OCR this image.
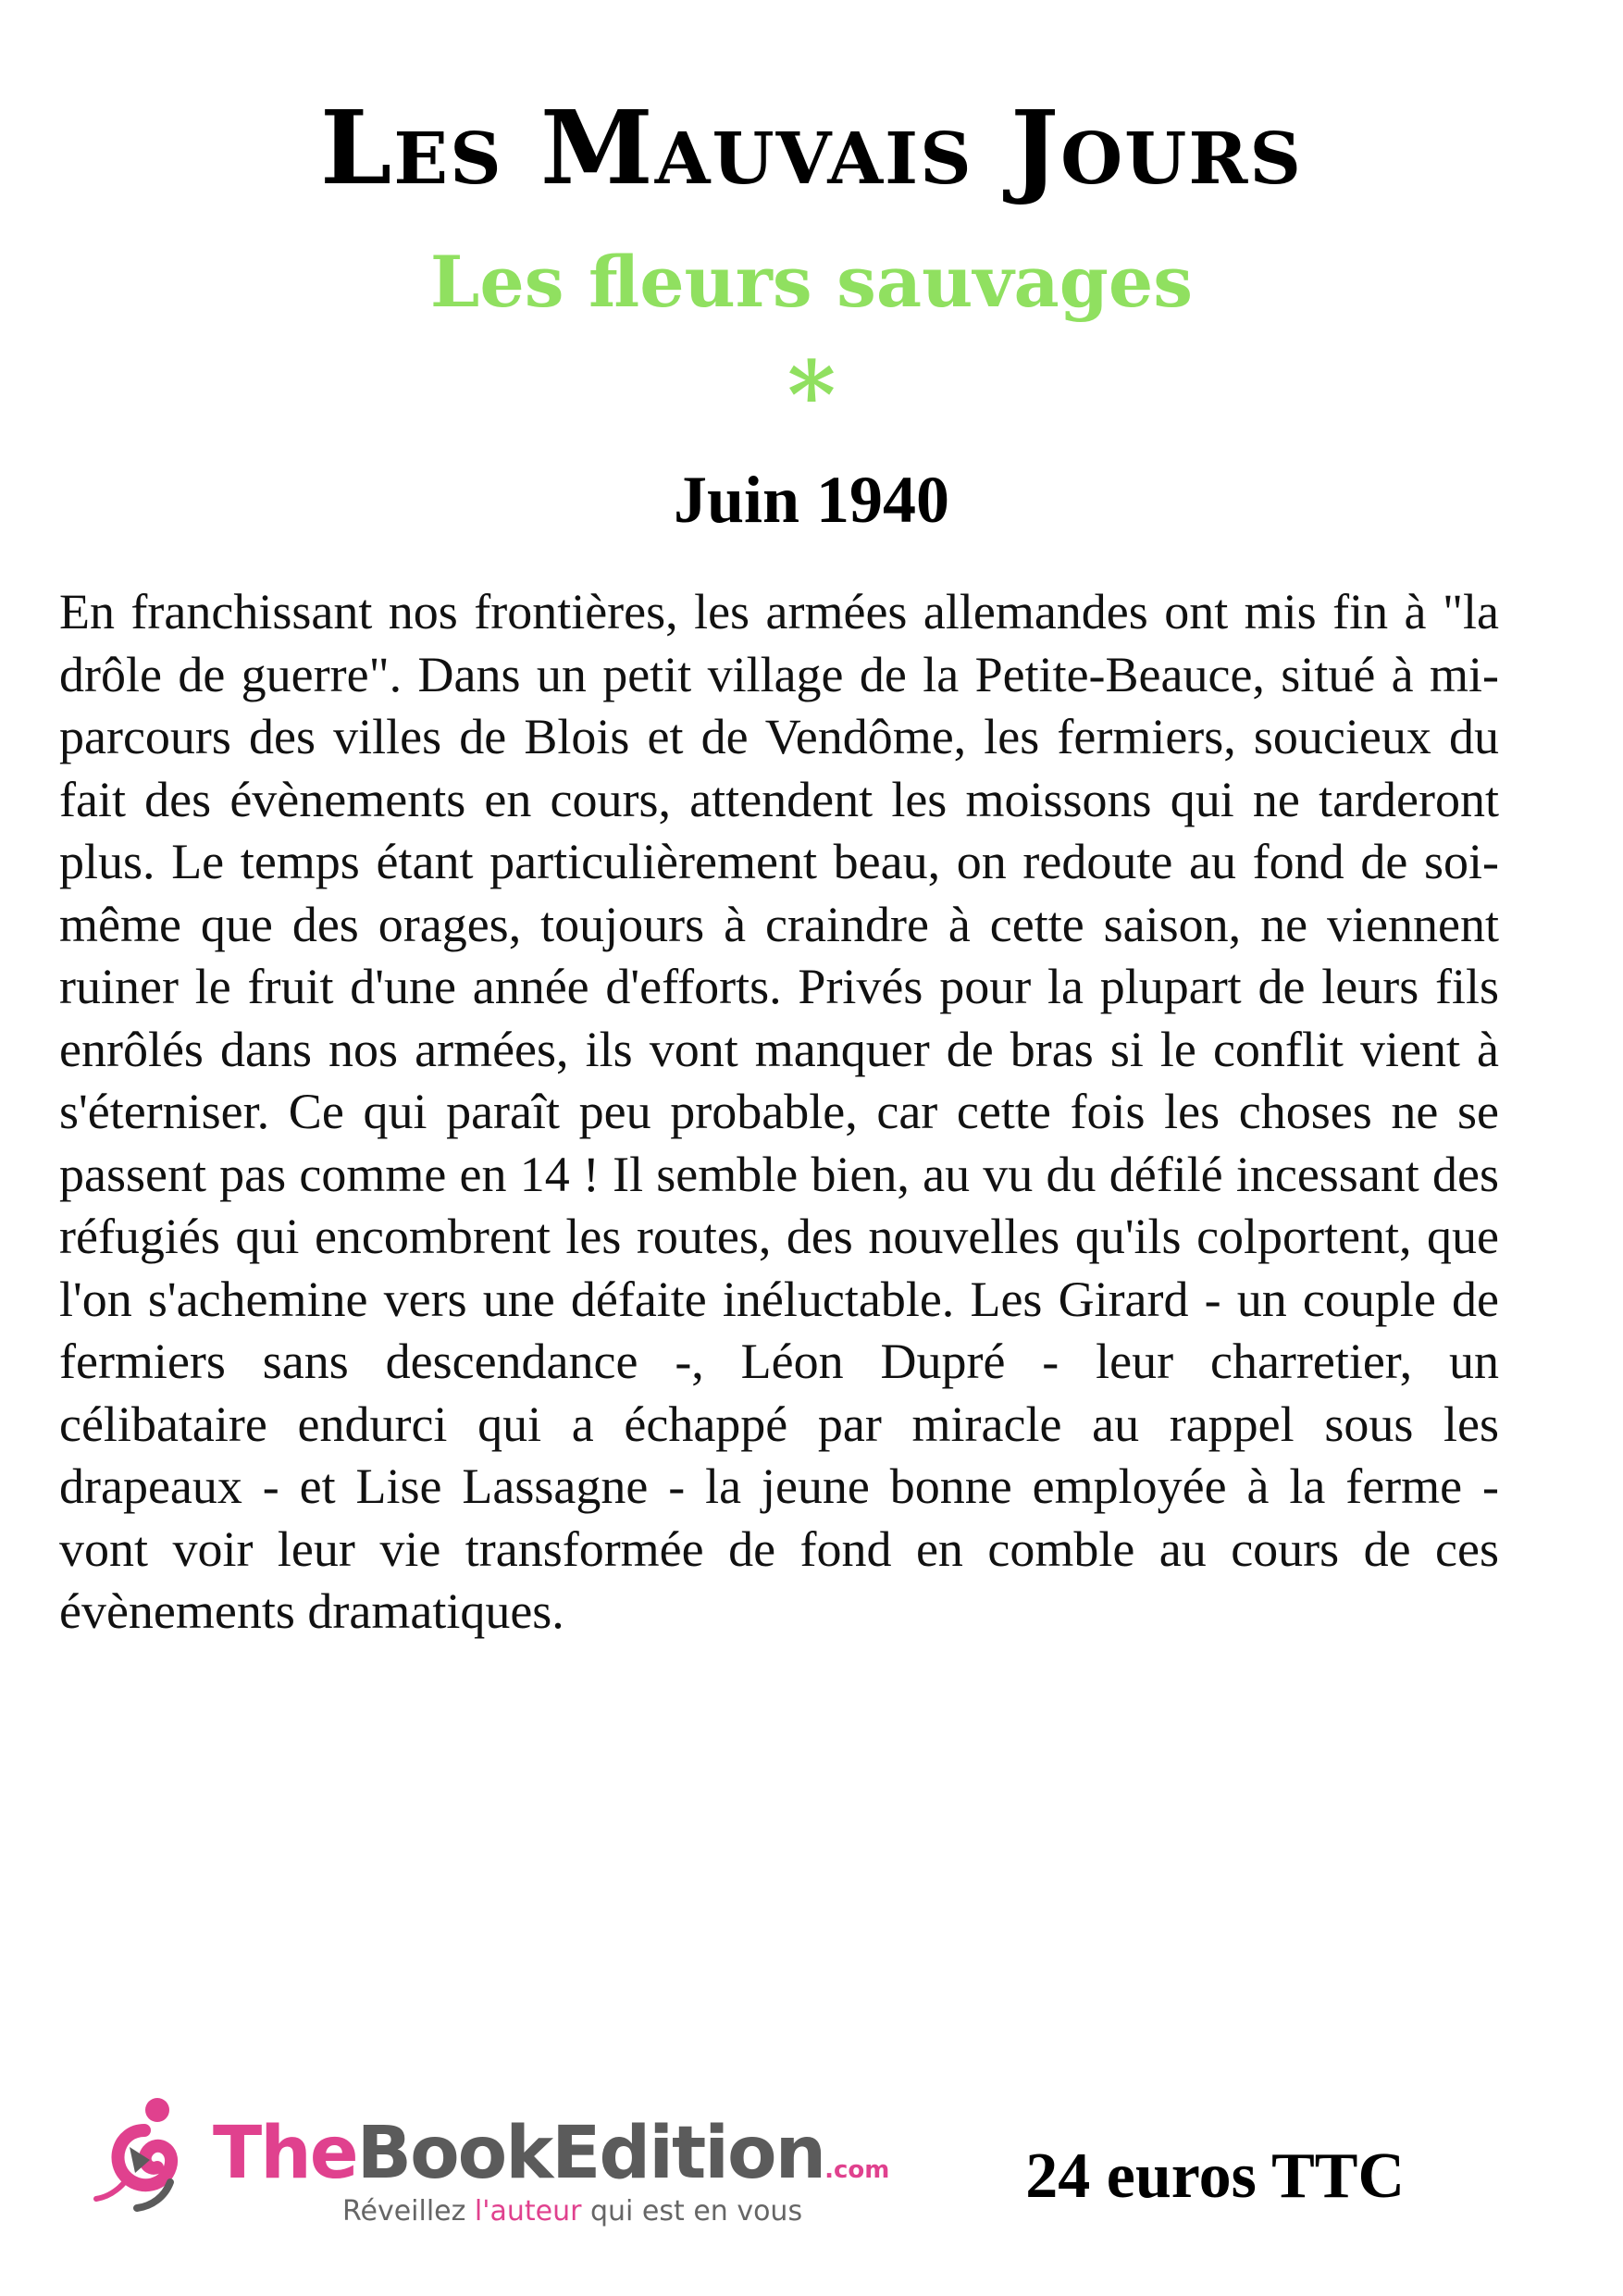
Les Mauvais Jours
Les fleurs sauvages
*
Juin 1940

En franchissant nos frontières, les armées allemandes ont mis fin à "la drôle de guerre". Dans un petit village de la Petite-Beauce, situé à mi-parcours des villes de Blois et de Vendôme, les fermiers, soucieux du fait des évènements en cours, attendent les moissons qui ne tarderont plus. Le temps étant particulièrement beau, on redoute au fond de soi-même que des orages, toujours à craindre à cette saison, ne viennent ruiner le fruit d'une année d'efforts. Privés pour la plupart de leurs fils enrôlés dans nos armées, ils vont manquer de bras si le conflit vient à s'éterniser. Ce qui paraît peu probable, car cette fois les choses ne se passent pas comme en 14 ! Il semble bien, au vu du défilé incessant des réfugiés qui encombrent les routes, des nouvelles qu'ils colportent, que l'on s'achemine vers une défaite inéluctable. Les Girard - un couple de fermiers sans descendance -, Léon Dupré - leur charretier, un célibataire endurci qui a échappé par miracle au rappel sous les drapeaux - et Lise Lassagne - la jeune bonne employée à la ferme - vont voir leur vie transformée de fond en comble au cours de ces évènements dramatiques.

TheBookEdition.com
Réveillez l'auteur qui est en vous	24 euros TTC
